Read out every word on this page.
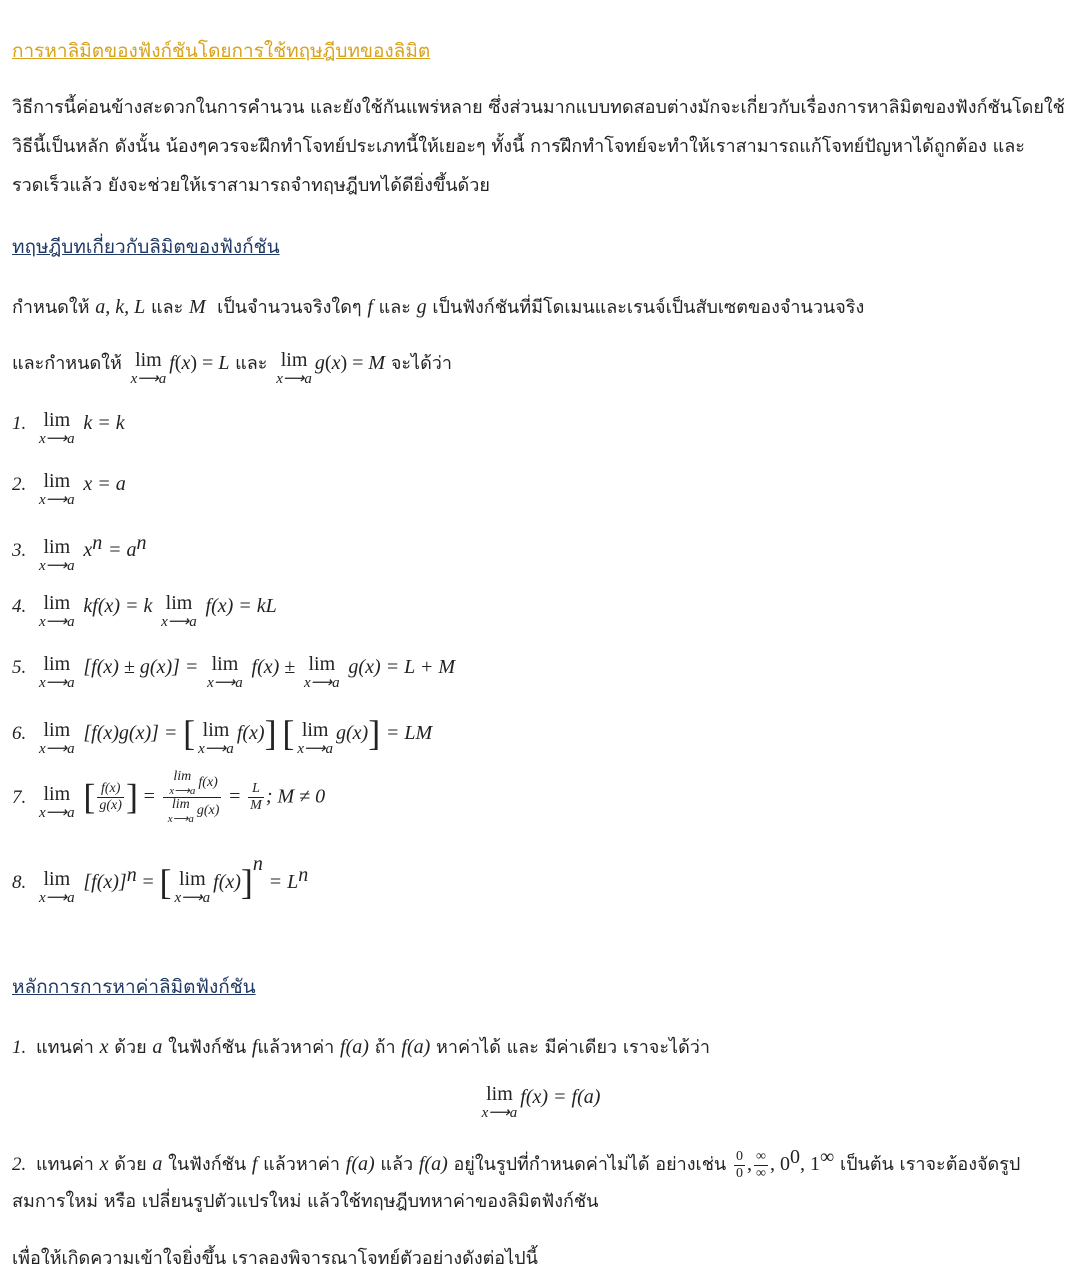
การหาลิมิตของฟังก์ชันโดยการใช้ทฤษฎีบทของลิมิต
วิธีการนี้ค่อนข้างสะดวกในการคำนวน และยังใช้กันแพร่หลาย ซึ่งส่วนมากแบบทดสอบต่างมักจะเกี่ยวกับเรื่องการหาลิมิตของฟังก์ชันโดยใช้วิธีนี้เป็นหลัก ดังนั้น น้องๆควรจะฝึกทำโจทย์ประเภทนี้ให้เยอะๆ ทั้งนี้ การฝึกทำโจทย์จะทำให้เราสามารถแก้โจทย์ปัญหาได้ถูกต้อง และรวดเร็วแล้ว ยังจะช่วยให้เราสามารถจำทฤษฎีบทได้ดียิ่งขึ้นด้วย
ทฤษฎีบทเกี่ยวกับลิมิตของฟังก์ชัน
กำหนดให้ a, k, L และ M เป็นจำนวนจริงใดๆ f และ g เป็นฟังก์ชันที่มีโดเมนและเรนจ์เป็นสับเซตของจำนวนจริง
และกำหนดให้ lim
x⟶a
f(x) = L และ lim
x⟶a
g(x) = M จะได้ว่า
1. lim
x⟶a
k = k
2. lim
x⟶a
x = a
3. lim
x⟶a
$x^n = a^n$
4. lim
x⟶a
kf(x) = k lim
x⟶a
f(x) = kL
5. lim
x⟶a
[f(x) ± g(x)] = lim
x⟶a
f(x) ± lim
x⟶a
g(x) = L + M
6. lim
x⟶a
[f(x)g(x)] = [ lim
x⟶a
f(x)] [ lim
x⟶a
g(x)] = LM
7. lim
x⟶a [ $\frac{f(x)}{g(x)}$ ] = lim
x⟶a
f(x)
lim
x⟶a
$g(x) = \frac{L}{M}$ ; M ≠ 0
8. lim
x⟶a
$[f(x)]^n$ = [ lim
x⟶a
$f(x)]^n = L^n$
หลักการการหาค่าลิมิตฟังก์ชัน
1. แทนค่า x ด้วย a ในฟังก์ชัน fแล้วหาค่า f(a) ถ้า f(a) หาค่าได้ และ มีค่าเดียว เราจะได้ว่า
lim
x⟶a
f(x) = f(a)
2. แทนค่า x ด้วย a ในฟังก์ชัน f แล้วหาค่า f(a) แล้ว f(a) อยู่ในรูปที่กำหนดค่าไม่ได้ อย่างเช่น $\frac{0}{0}$ , $\frac{\infty}{\infty}$ , $0^0$, 1∞ เป็นต้น เราจะต้องจัดรูป
สมการใหม่ หรือ เปลี่ยนรูปตัวแปรใหม่ แล้วใช้ทฤษฎีบทหาค่าของลิมิตฟังก์ชัน
เพื่อให้เกิดความเข้าใจยิ่งขึ้น เราลองพิจารณาโจทย์ตัวอย่างดังต่อไปนี้
